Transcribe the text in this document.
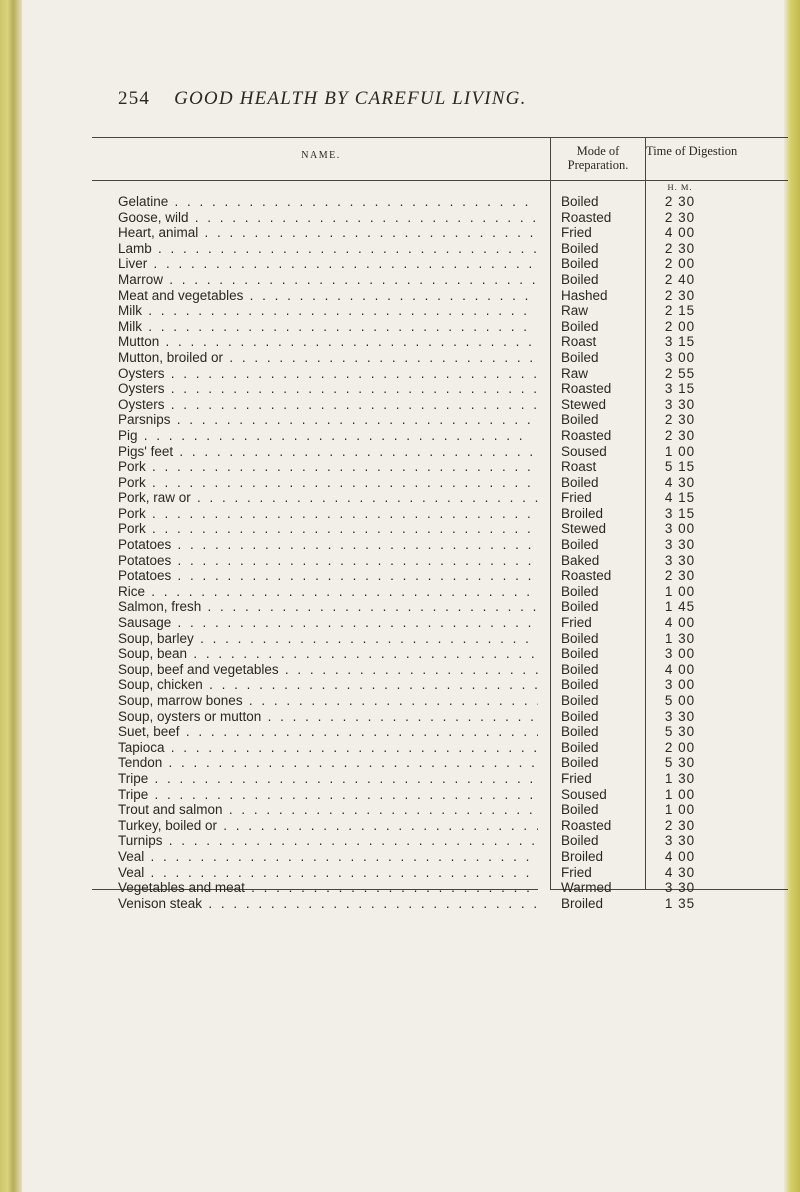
254 GOOD HEALTH BY CAREFUL LIVING.
NAME.	Mode of Preparation.
Time of Digestion
H. M.
Gelatine . .	Boiled	2 30
Goose, wild . .	Roasted	2 30
Heart, animal . .	Fried	4 00
Lamb . .	Boiled	2 30
Liver . .	Boiled	2 00
Marrow . .	Boiled	2 40
Meat and vegetables . .	Hashed	2 30
Milk . .	Raw	2 15
Milk . .	Boiled	2 00
Mutton . .	Roast	3 15
Mutton, broiled or . .	Boiled	3 00
Oysters . .	Raw	2 55
Oysters . .	Roasted	3 15
Oysters . .	Stewed	3 30
Parsnips . .	Boiled	2 30
Pig . .	Roasted	2 30
Pigs' feet . .	Soused	1 00
Pork . .	Roast	5 15
Pork . .	Boiled	4 30
Pork, raw or . .	Fried	4 15
Pork . .	Broiled	3 15
Pork . .	Stewed	3 00
Potatoes . .	Boiled	3 30
Potatoes . .	Baked	3 30
Potatoes . .	Roasted	2 30
Rice . .	Boiled	1 00
Salmon, fresh . .	Boiled	1 45
Sausage . .	Fried	4 00
Soup, barley . .	Boiled	1 30
Soup, bean . .	Boiled	3 00
Soup, beef and vegetables . .	Boiled	4 00
Soup, chicken . .	Boiled	3 00
Soup, marrow bones . .	Boiled	5 00
Soup, oysters or mutton . .	Boiled	3 30
Suet, beef . .	Boiled	5 30
Tapioca . .	Boiled	2 00
Tendon . .	Boiled	5 30
Tripe . .	Fried	1 30
Tripe . .	Soused	1 00
Trout and salmon . .	Boiled	1 00
Turkey, boiled or . .	Roasted	2 30
Turnips . .	Boiled	3 30
Veal . .	Broiled	4 00
Veal . .	Fried	4 30
Vegetables and meat . .	Warmed	3 30
Venison steak . .	Broiled	1 35
